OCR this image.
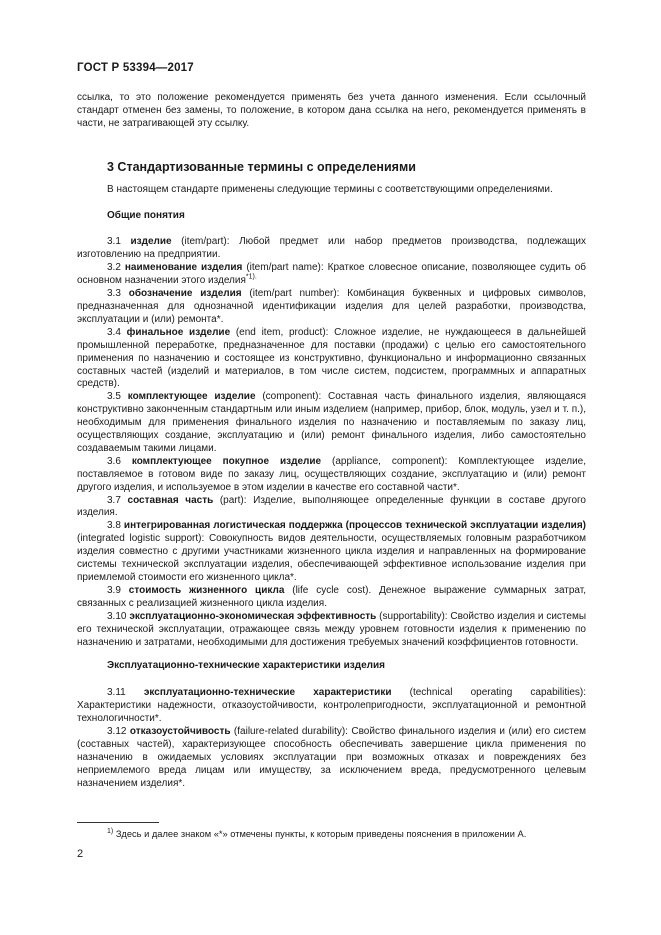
ГОСТ Р 53394—2017

ссылка, то это положение рекомендуется применять без учета данного изменения. Если ссылочный стандарт отменен без замены, то положение, в котором дана ссылка на него, рекомендуется применять в части, не затрагивающей эту ссылку.

3 Стандартизованные термины с определениями

В настоящем стандарте применены следующие термины с соответствующими определениями.

Общие понятия

3.1 изделие (item/part): Любой предмет или набор предметов производства, подлежащих изготовлению на предприятии.

3.2 наименование изделия (item/part name): Краткое словесное описание, позволяющее судить об основном назначении этого изделия$^{*1).}$

3.3 обозначение изделия (item/part number): Комбинация буквенных и цифровых символов, предназначенная для однозначной идентификации изделия для целей разработки, производства, эксплуатации и (или) ремонта*.

3.4 финальное изделие (end item, product): Сложное изделие, не нуждающееся в дальнейшей промышленной переработке, предназначенное для поставки (продажи) с целью его самостоятельного применения по назначению и состоящее из конструктивно, функционально и информационно связанных составных частей (изделий и материалов, в том числе систем, подсистем, программных и аппаратных средств).

3.5 комплектующее изделие (component): Составная часть финального изделия, являющаяся конструктивно законченным стандартным или иным изделием (например, прибор, блок, модуль, узел и т. п.), необходимым для применения финального изделия по назначению и поставляемым по заказу лиц, осуществляющих создание, эксплуатацию и (или) ремонт финального изделия, либо самостоятельно создаваемым такими лицами.

3.6 комплектующее покупное изделие (appliance, component): Комплектующее изделие, поставляемое в готовом виде по заказу лиц, осуществляющих создание, эксплуатацию и (или) ремонт другого изделия, и используемое в этом изделии в качестве его составной части*.

3.7 составная часть (part): Изделие, выполняющее определенные функции в составе другого изделия.

3.8 интегрированная логистическая поддержка (процессов технической эксплуатации изделия) (integrated logistic support): Совокупность видов деятельности, осуществляемых головным разработчиком изделия совместно с другими участниками жизненного цикла изделия и направленных на формирование системы технической эксплуатации изделия, обеспечивающей эффективное использование изделия при приемлемой стоимости его жизненного цикла*.

3.9 стоимость жизненного цикла (life cycle cost). Денежное выражение суммарных затрат, связанных с реализацией жизненного цикла изделия.

3.10 эксплуатационно-экономическая эффективность (supportability): Свойство изделия и системы его технической эксплуатации, отражающее связь между уровнем готовности изделия к применению по назначению и затратами, необходимыми для достижения требуемых значений коэффициентов готовности.

Эксплуатационно-технические характеристики изделия

3.11 эксплуатационно-технические характеристики (technical operating capabilities): Характеристики надежности, отказоустойчивости, контролепригодности, эксплуатационной и ремонтной технологичности*.

3.12 отказоустойчивость (failure-related durability): Свойство финального изделия и (или) его систем (составных частей), характеризующее способность обеспечивать завершение цикла применения по назначению в ожидаемых условиях эксплуатации при возможных отказах и повреждениях без неприемлемого вреда лицам или имуществу, за исключением вреда, предусмотренного целевым назначением изделия*.

$^{1)}$ Здесь и далее знаком «*» отмечены пункты, к которым приведены пояснения в приложении А.
2
